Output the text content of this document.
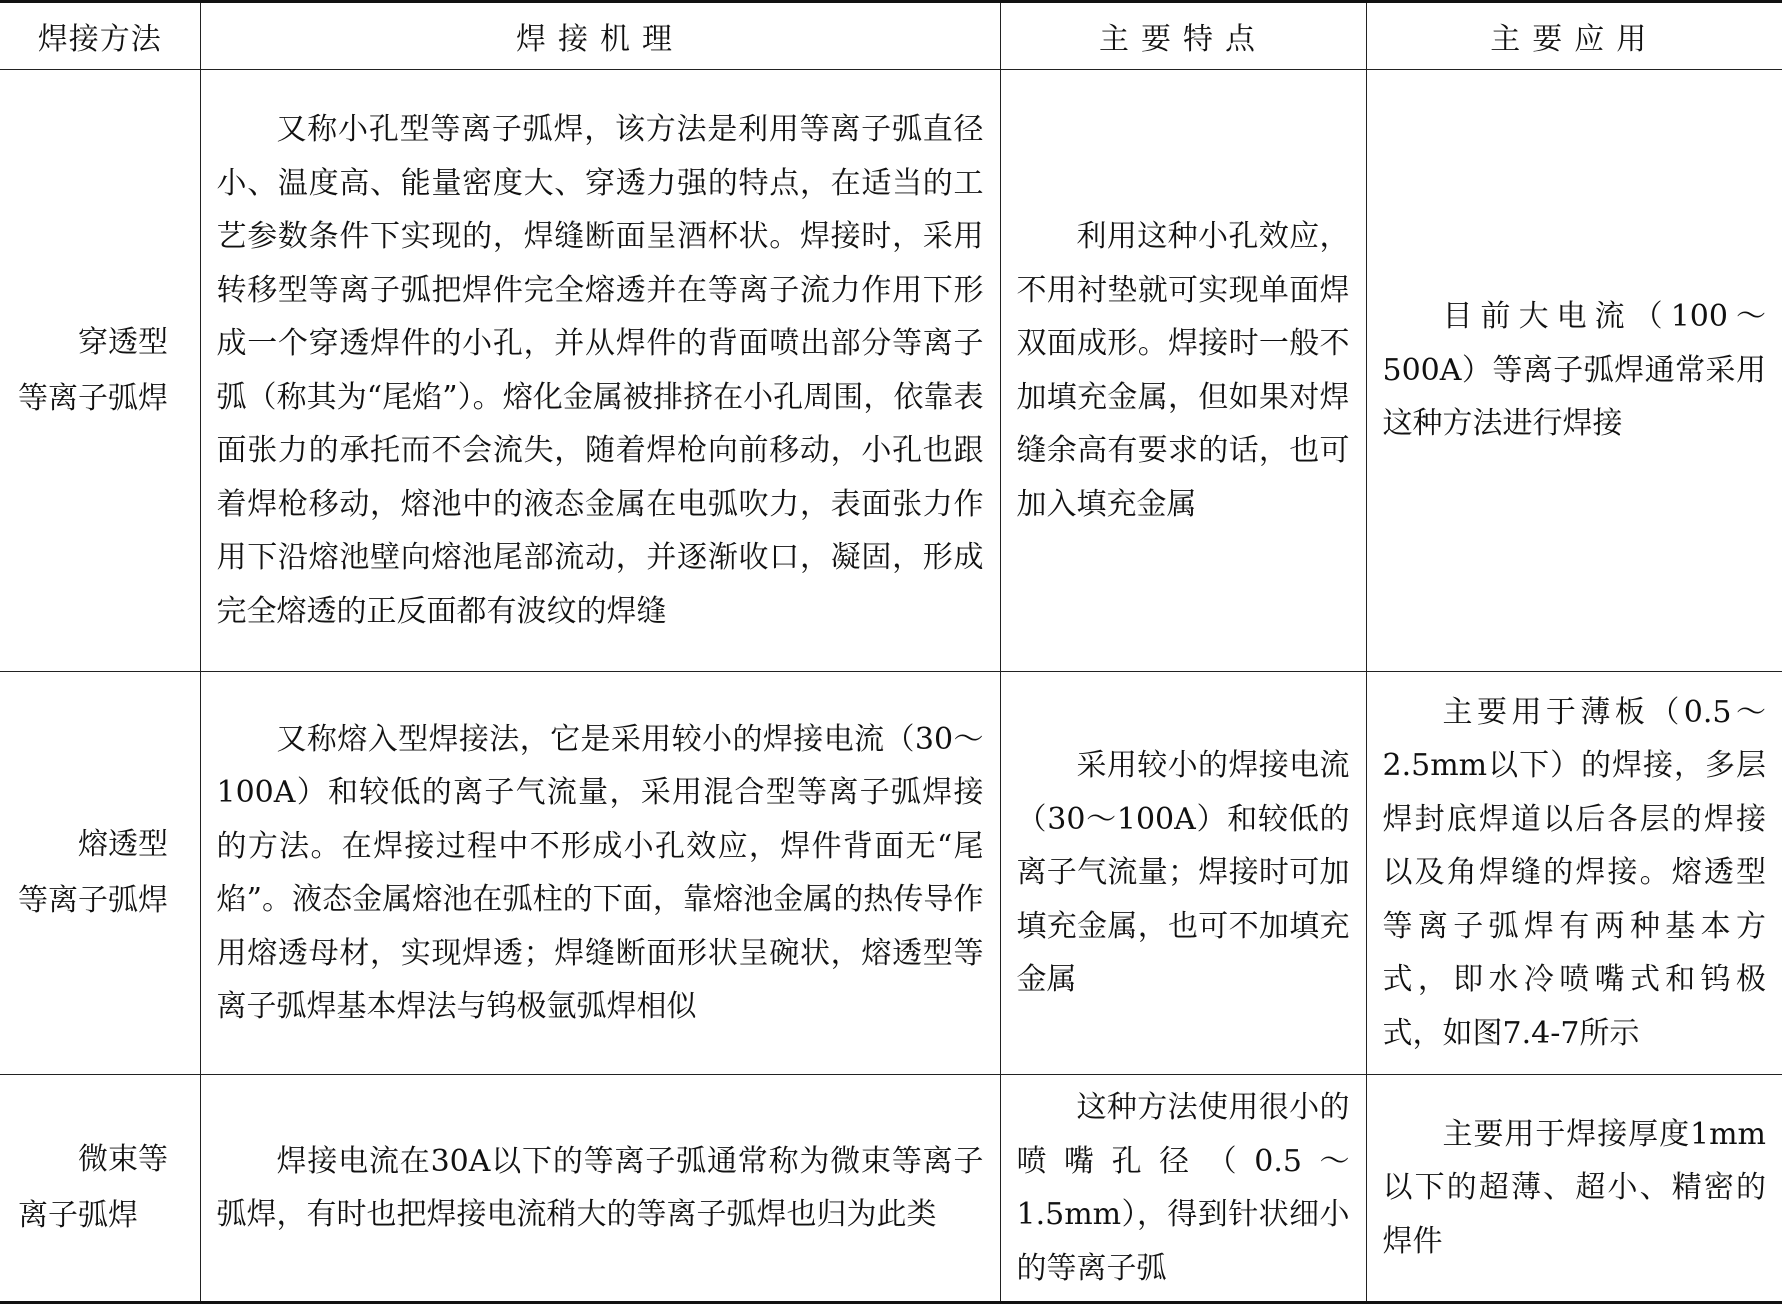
焊接方法	焊接机理	主要特点	主要应用

穿透型等离子弧焊	又称小孔型等离子弧焊，该方法是利用等离子弧直径小、温度高、能量密度大、穿透力强的特点，在适当的工艺参数条件下实现的，焊缝断面呈酒杯状。焊接时，采用转移型等离子弧把焊件完全熔透并在等离子流力作用下形成一个穿透焊件的小孔，并从焊件的背面喷出部分等离子弧（称其为“尾焰”）。熔化金属被排挤在小孔周围，依靠表面张力的承托而不会流失，随着焊枪向前移动，小孔也跟着焊枪移动，熔池中的液态金属在电弧吹力，表面张力作用下沿熔池壁向熔池尾部流动，并逐渐收口，凝固，形成完全熔透的正反面都有波纹的焊缝	利用这种小孔效应，不用衬垫就可实现单面焊双面成形。焊接时一般不加填充金属，但如果对焊缝余高有要求的话，也可加入填充金属	目前大电流（100～500A）等离子弧焊通常采用这种方法进行焊接

熔透型等离子弧焊	又称熔入型焊接法，它是采用较小的焊接电流（30～100A）和较低的离子气流量，采用混合型等离子弧焊接的方法。在焊接过程中不形成小孔效应，焊件背面无“尾焰”。液态金属熔池在弧柱的下面，靠熔池金属的热传导作用熔透母材，实现焊透；焊缝断面形状呈碗状，熔透型等离子弧焊基本焊法与钨极氩弧焊相似	采用较小的焊接电流（30～100A）和较低的离子气流量；焊接时可加填充金属，也可不加填充金属	主要用于薄板（0.5～2.5mm以下）的焊接，多层焊封底焊道以后各层的焊接以及角焊缝的焊接。熔透型等离子弧焊有两种基本方式，即水冷喷嘴式和钨极式，如图7.4-7所示

微束等离子弧焊	焊接电流在30A以下的等离子弧通常称为微束等离子弧焊，有时也把焊接电流稍大的等离子弧焊也归为此类	这种方法使用很小的喷嘴孔径（0.5～1.5mm），得到针状细小的等离子弧	主要用于焊接厚度1mm以下的超薄、超小、精密的焊件
